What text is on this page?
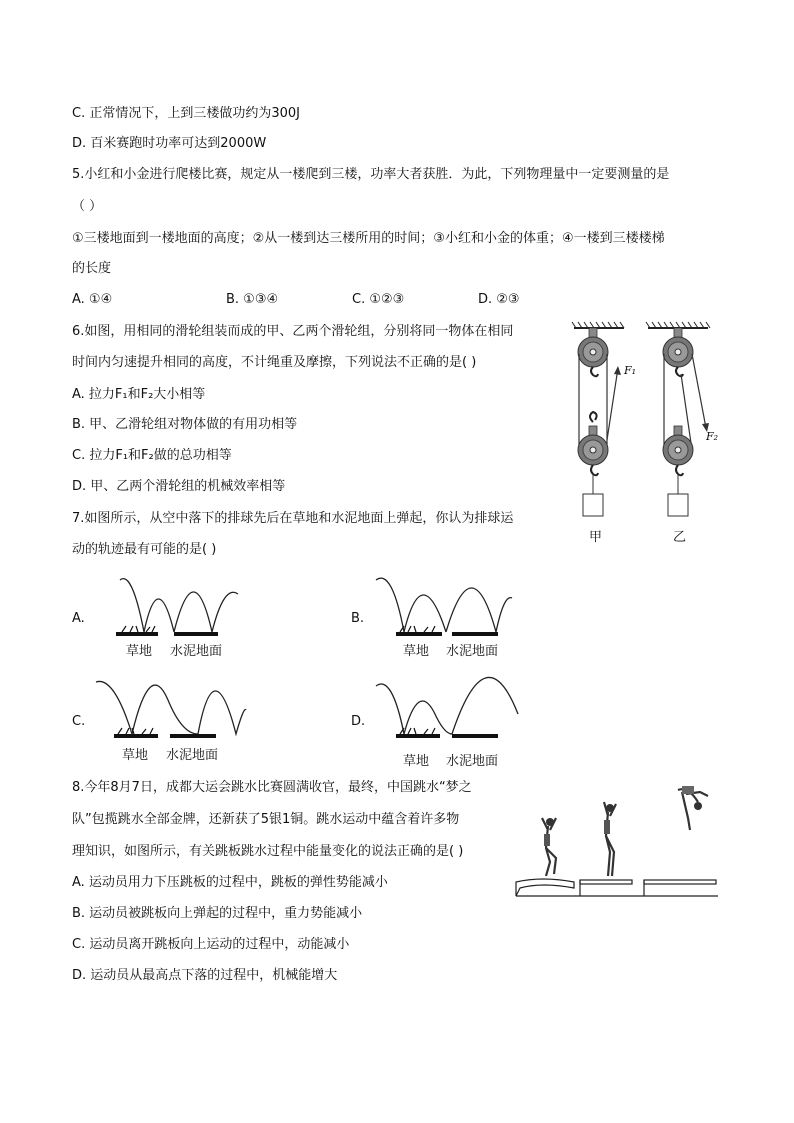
C. 正常情况下，上到三楼做功约为300J
D. 百米赛跑时功率可达到2000W
5.小红和小金进行爬楼比赛，规定从一楼爬到三楼，功率大者获胜．为此，下列物理量中一定要测量的是
（ ）
①三楼地面到一楼地面的高度；②从一楼到达三楼所用的时间；③小红和小金的体重；④一楼到三楼楼梯
的长度
A. ①④	B. ①③④	C. ①②③	D. ②③
6.如图，用相同的滑轮组装而成的甲、乙两个滑轮组，分别将同一物体在相同
时间内匀速提升相同的高度，不计绳重及摩擦，下列说法不正确的是( )
A. 拉力F₁和F₂大小相等
B. 甲、乙滑轮组对物体做的有用功相等
C. 拉力F₁和F₂做的总功相等
D. 甲、乙两个滑轮组的机械效率相等
7.如图所示，从空中落下的排球先后在草地和水泥地面上弹起，你认为排球运
动的轨迹最有可能的是( )
F₁
F₂
甲	乙
A.
草地 水泥地面
B.
草地 水泥地面
C.
草地 水泥地面
D.
草地 水泥地面
8.今年8月7日，成都大运会跳水比赛圆满收官，最终，中国跳水“梦之
队”包揽跳水全部金牌，还新获了5银1铜。跳水运动中蕴含着许多物
理知识，如图所示，有关跳板跳水过程中能量变化的说法正确的是( )
A. 运动员用力下压跳板的过程中，跳板的弹性势能减小
B. 运动员被跳板向上弹起的过程中，重力势能减小
C. 运动员离开跳板向上运动的过程中，动能减小
D. 运动员从最高点下落的过程中，机械能增大
